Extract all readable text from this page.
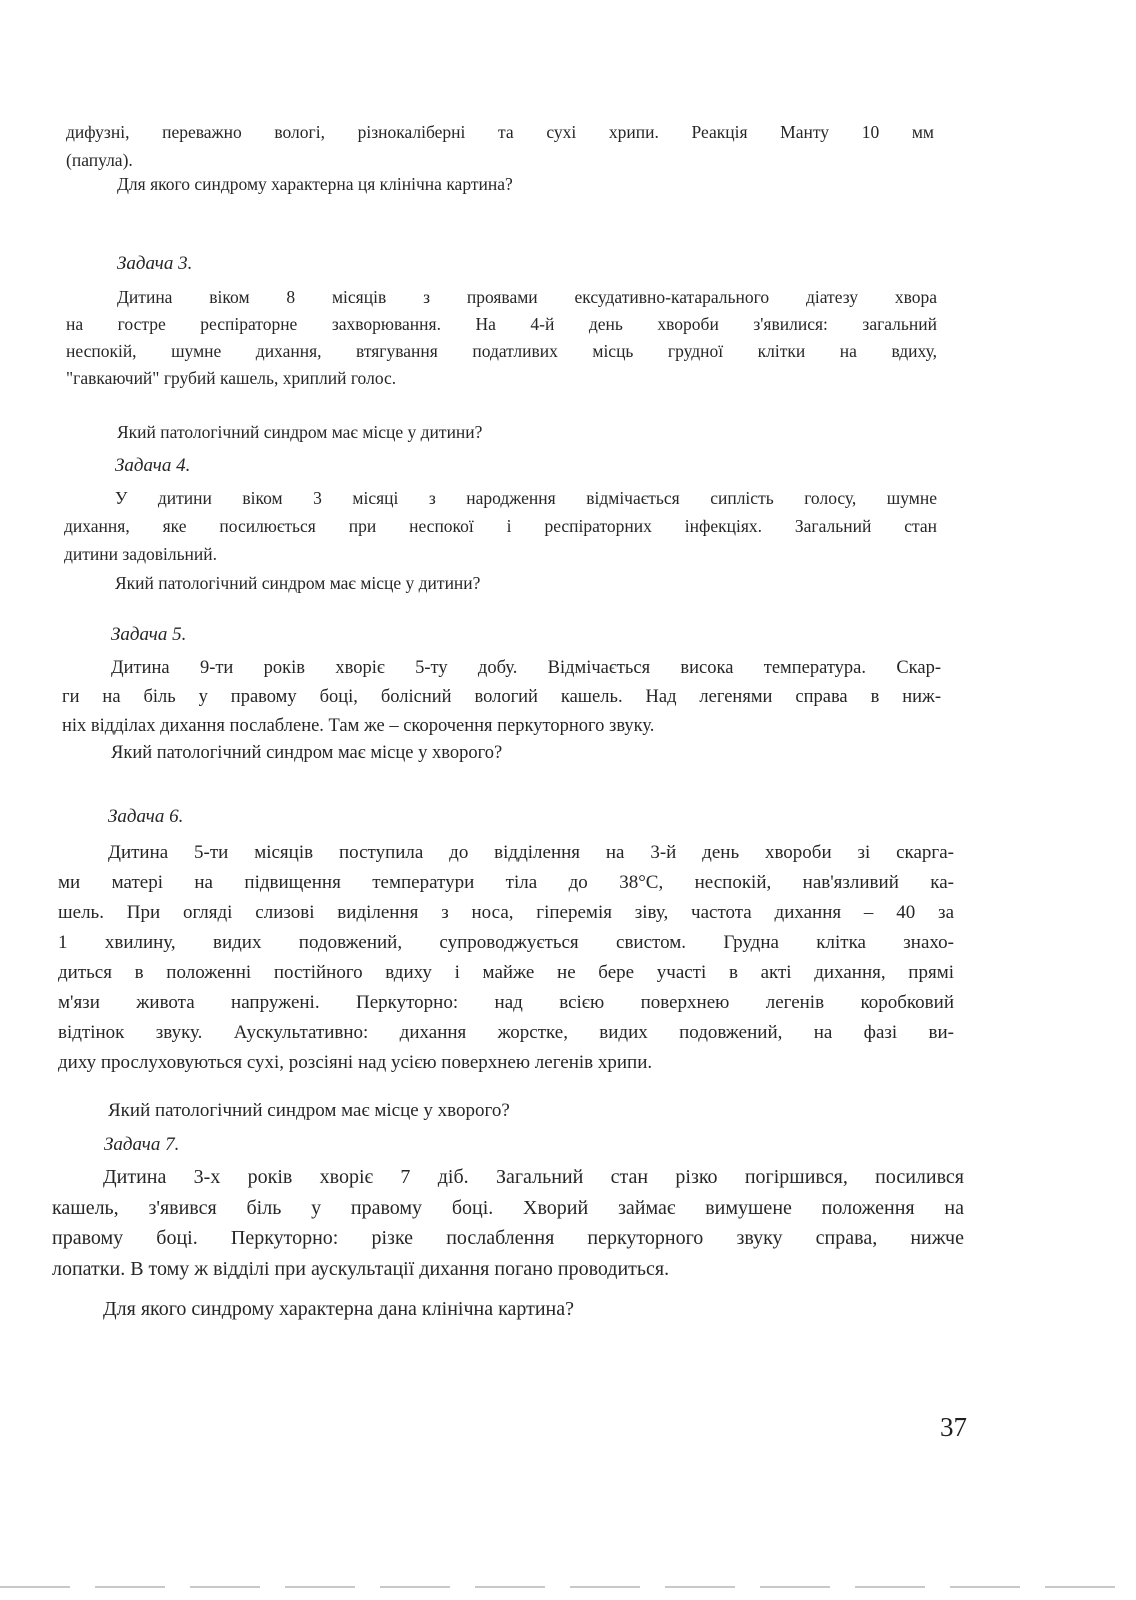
дифузні, переважно вологі, різнокаліберні та сухі хрипи. Реакція Манту 10 мм
(папула).

Для якого синдрому характерна ця клінічна картина?

Задача 3.

Дитина віком 8 місяців з проявами ексудативно-катарального діатезу хвора
на гостре респіраторне захворювання. На 4-й день хвороби з'явилися: загальний
неспокій, шумне дихання, втягування податливих місць грудної клітки на вдиху,
"гавкаючий" грубий кашель, хриплий голос.

Який патологічний синдром має місце у дитини?

Задача 4.

У дитини віком 3 місяці з народження відмічається сиплість голосу, шумне
дихання, яке посилюється при неспокої і респіраторних інфекціях. Загальний стан
дитини задовільний.

Який патологічний синдром має місце у дитини?

Задача 5.

Дитина 9-ти років хворіє 5-ту добу. Відмічається висока температура. Скар-
ги на біль у правому боці, болісний вологий кашель. Над легенями справа в ниж-
ніх відділах дихання послаблене. Там же – скорочення перкуторного звуку.

Який патологічний синдром має місце у хворого?

Задача 6.

Дитина 5-ти місяців поступила до відділення на 3-й день хвороби зі скарга-
ми матері на підвищення температури тіла до 38°С, неспокій, нав'язливий ка-
шель. При огляді слизові виділення з носа, гіперемія зіву, частота дихання – 40 за
1 хвилину, видих подовжений, супроводжується свистом. Грудна клітка знахо-
диться в положенні постійного вдиху і майже не бере участі в акті дихання, прямі
м'язи живота напружені. Перкуторно: над всією поверхнею легенів коробковий
відтінок звуку. Аускультативно: дихання жорстке, видих подовжений, на фазі ви-
диху прослуховуються сухі, розсіяні над усією поверхнею легенів хрипи.

Який патологічний синдром має місце у хворого?

Задача 7.

Дитина 3-х років хворіє 7 діб. Загальний стан різко погіршився, посилився
кашель, з'явився біль у правому боці. Хворий займає вимушене положення на
правому боці. Перкуторно: різке послаблення перкуторного звуку справа, нижче
лопатки. В тому ж відділі при аускультації дихання погано проводиться.

Для якого синдрому характерна дана клінічна картина?

37
